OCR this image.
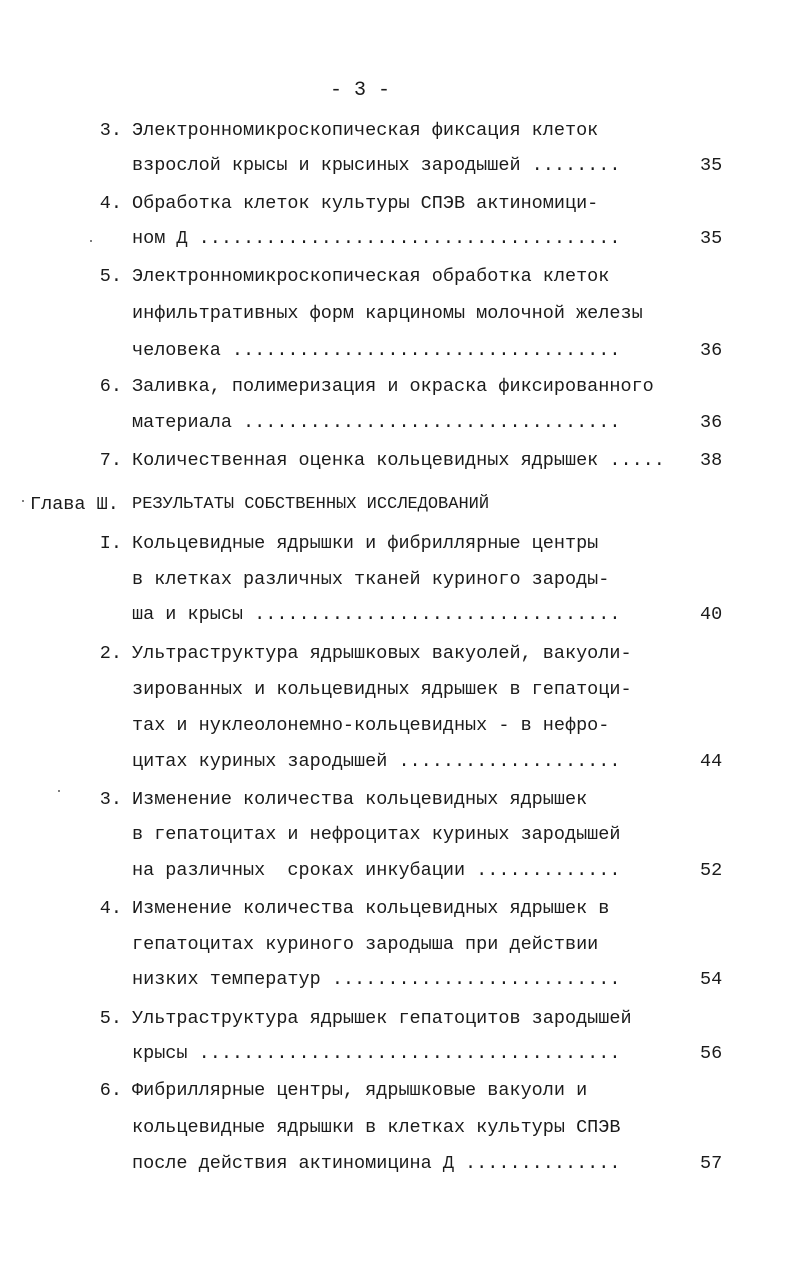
- 3 -
3. Электронномикроскопическая фиксация клеток
взрослой крысы и крысиных зародышей ........	35
4. Обработка клеток культуры СПЭВ актиномици-
ном Д ......................................	35
5. Электронномикроскопическая обработка клеток
инфильтративных форм карциномы молочной железы
человека ...................................	36
6. Заливка, полимеризация и окраска фиксированного
материала ..................................	36
7. Количественная оценка кольцевидных ядрышек ..... 38
Глава Ш. РЕЗУЛЬТАТЫ СОБСТВЕННЫХ ИССЛЕДОВАНИЙ
I. Кольцевидные ядрышки и фибриллярные центры
в клетках различных тканей куриного зароды-
ша и крысы .................................	40
2. Ультраструктура ядрышковых вакуолей, вакуоли-
зированных и кольцевидных ядрышек в гепатоци-
тах и нуклеолонемно-кольцевидных - в нефро-
цитах куриных зародышей ....................	44
3. Изменение количества кольцевидных ядрышек
в гепатоцитах и нефроцитах куриных зародышей
на различных  сроках инкубации .............	52
4. Изменение количества кольцевидных ядрышек в
гепатоцитах куриного зародыша при действии
низких температур ..........................	54
5. Ультраструктура ядрышек гепатоцитов зародышей
крысы ......................................	56
6. Фибриллярные центры, ядрышковые вакуоли и
кольцевидные ядрышки в клетках культуры СПЭВ
после действия актиномицина Д ..............	57
